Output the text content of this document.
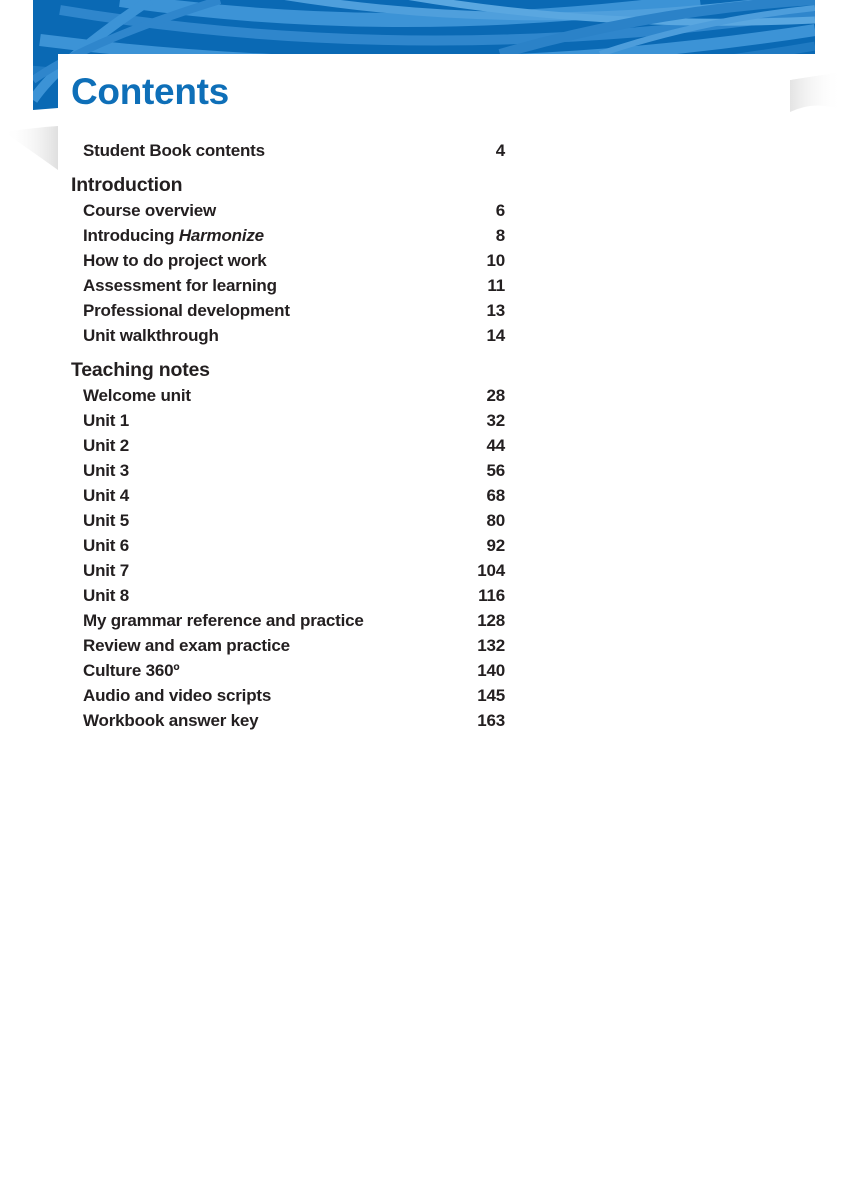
Contents
Student Book contents	4
Introduction
Course overview	6
Introducing Harmonize	8
How to do project work	10
Assessment for learning	11
Professional development	13
Unit walkthrough	14
Teaching notes
Welcome unit	28
Unit 1	32
Unit 2	44
Unit 3	56
Unit 4	68
Unit 5	80
Unit 6	92
Unit 7	104
Unit 8	116
My grammar reference and practice	128
Review and exam practice	132
Culture 360º	140
Audio and video scripts	145
Workbook answer key	163
